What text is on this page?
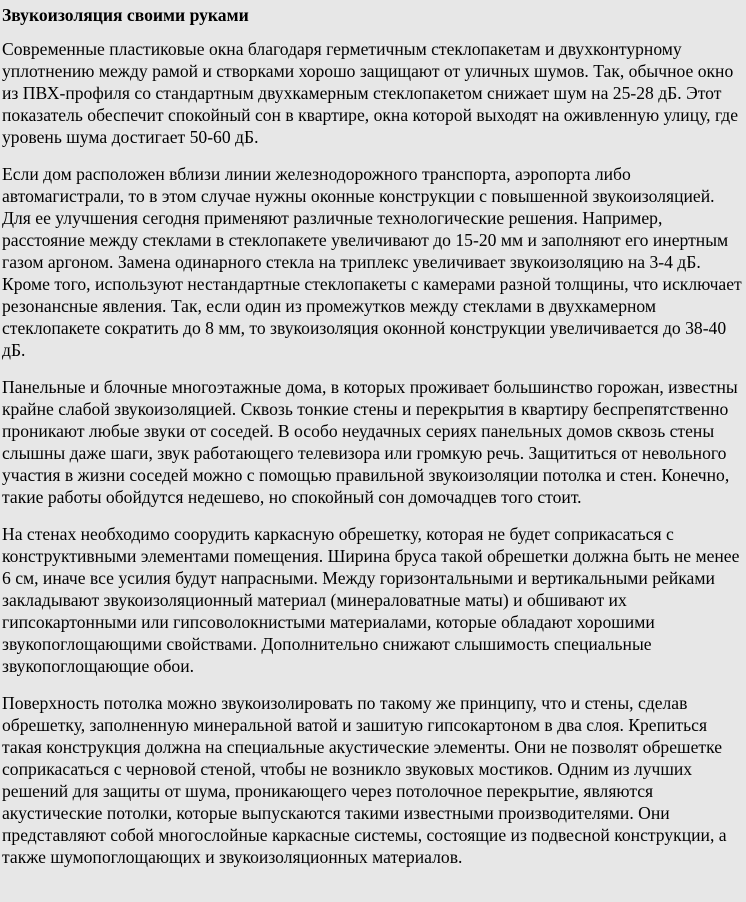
Звукоизоляция своими руками

Современные пластиковые окна благодаря герметичным стеклопакетам и двухконтурному уплотнению между рамой и створками хорошо защищают от уличных шумов. Так, обычное окно из ПВХ-профиля со стандартным двухкамерным стеклопакетом снижает шум на 25-28 дБ. Этот показатель обеспечит спокойный сон в квартире, окна которой выходят на оживленную улицу, где уровень шума достигает 50-60 дБ.

Если дом расположен вблизи линии железнодорожного транспорта, аэропорта либо автомагистрали, то в этом случае нужны оконные конструкции с повышенной звукоизоляцией. Для ее улучшения сегодня применяют различные технологические решения. Например, расстояние между стеклами в стеклопакете увеличивают до 15-20 мм и заполняют его инертным газом аргоном. Замена одинарного стекла на триплекс увеличивает звукоизоляцию на 3-4 дБ. Кроме того, используют нестандартные стеклопакеты с камерами разной толщины, что исключает резонансные явления. Так, если один из промежутков между стеклами в двухкамерном стеклопакете сократить до 8 мм, то звукоизоляция оконной конструкции увеличивается до 38-40 дБ.

Панельные и блочные многоэтажные дома, в которых проживает большинство горожан, известны крайне слабой звукоизоляцией. Сквозь тонкие стены и перекрытия в квартиру беспрепятственно проникают любые звуки от соседей. В особо неудачных сериях панельных домов сквозь стены слышны даже шаги, звук работающего телевизора или громкую речь. Защититься от невольного участия в жизни соседей можно с помощью правильной звукоизоляции потолка и стен. Конечно, такие работы обойдутся недешево, но спокойный сон домочадцев того стоит.

На стенах необходимо соорудить каркасную обрешетку, которая не будет соприкасаться с конструктивными элементами помещения. Ширина бруса такой обрешетки должна быть не менее 6 см, иначе все усилия будут напрасными. Между горизонтальными и вертикальными рейками закладывают звукоизоляционный материал (минераловатные маты) и обшивают их гипсокартонными или гипсоволокнистыми материалами, которые обладают хорошими звукопоглощающими свойствами. Дополнительно снижают слышимость специальные звукопоглощающие обои.

Поверхность потолка можно звукоизолировать по такому же принципу, что и стены, сделав обрешетку, заполненную минеральной ватой и зашитую гипсокартоном в два слоя. Крепиться такая конструкция должна на специальные акустические элементы. Они не позволят обрешетке соприкасаться с черновой стеной, чтобы не возникло звуковых мостиков. Одним из лучших решений для защиты от шума, проникающего через потолочное перекрытие, являются акустические потолки, которые выпускаются такими известными производителями. Они представляют собой многослойные каркасные системы, состоящие из подвесной конструкции, а также шумопоглощающих и звукоизоляционных материалов.
